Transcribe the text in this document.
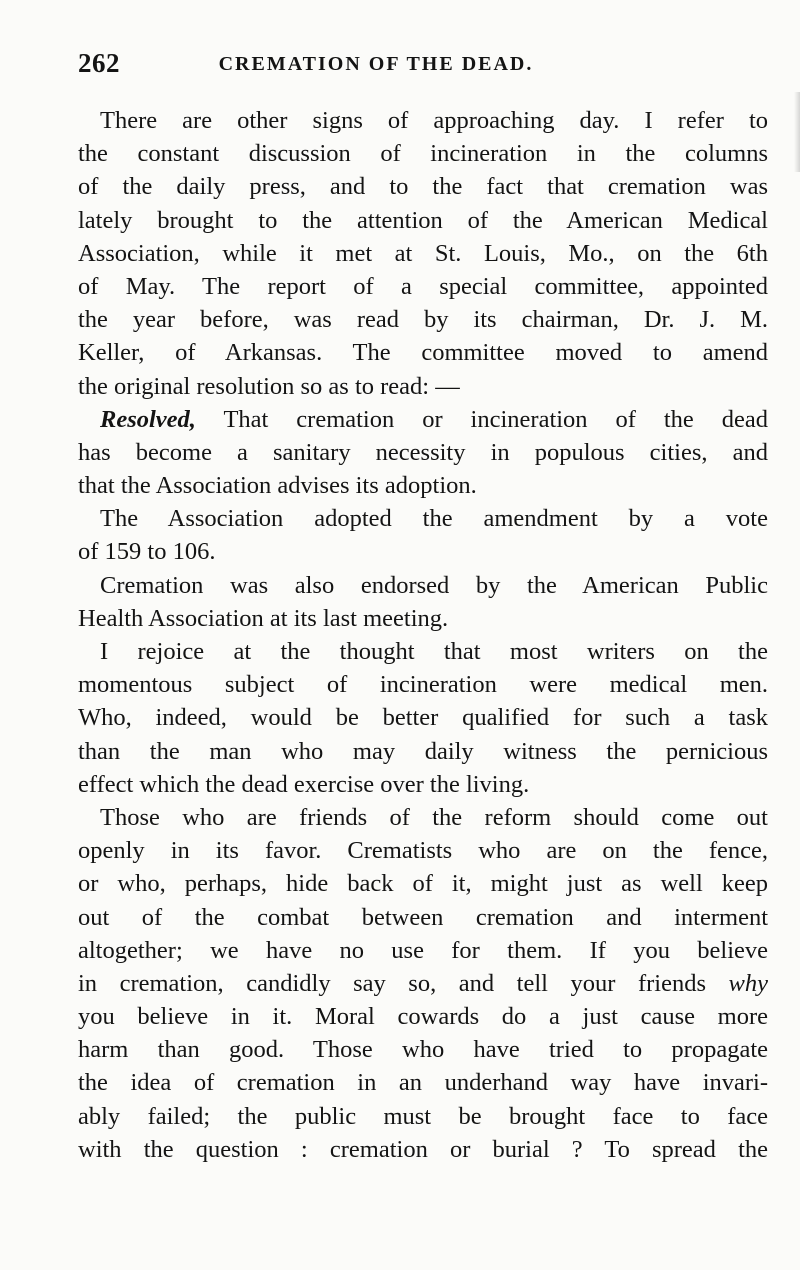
262	CREMATION OF THE DEAD.
There are other signs of approaching day. I refer to
the constant discussion of incineration in the columns
of the daily press, and to the fact that cremation was
lately brought to the attention of the American Medical
Association, while it met at St. Louis, Mo., on the 6th
of May. The report of a special committee, appointed
the year before, was read by its chairman, Dr. J. M.
Keller, of Arkansas. The committee moved to amend
the original resolution so as to read: —
Resolved, That cremation or incineration of the dead
has become a sanitary necessity in populous cities, and
that the Association advises its adoption.
The Association adopted the amendment by a vote
of 159 to 106.
Cremation was also endorsed by the American Public
Health Association at its last meeting.
I rejoice at the thought that most writers on the
momentous subject of incineration were medical men.
Who, indeed, would be better qualified for such a task
than the man who may daily witness the pernicious
effect which the dead exercise over the living.
Those who are friends of the reform should come out
openly in its favor. Crematists who are on the fence,
or who, perhaps, hide back of it, might just as well keep
out of the combat between cremation and interment
altogether; we have no use for them. If you believe
in cremation, candidly say so, and tell your friends why
you believe in it. Moral cowards do a just cause more
harm than good. Those who have tried to propagate
the idea of cremation in an underhand way have invari-
ably failed; the public must be brought face to face
with the question : cremation or burial ? To spread the
